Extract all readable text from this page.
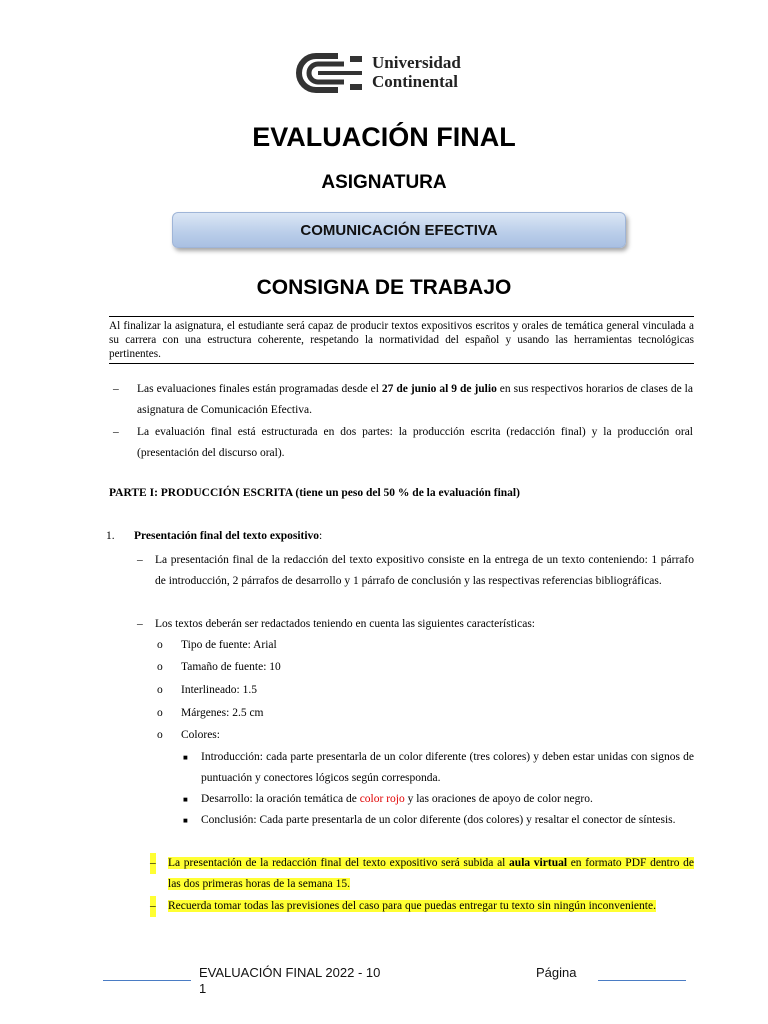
Universidad
Continental
EVALUACIÓN FINAL
ASIGNATURA
COMUNICACIÓN EFECTIVA
CONSIGNA DE TRABAJO
Al finalizar la asignatura, el estudiante será capaz de producir textos expositivos escritos y orales de temática general vinculada a su carrera con una estructura coherente, respetando la normatividad del español y usando las herramientas tecnológicas pertinentes.
– Las evaluaciones finales están programadas desde el 27 de junio al 9 de julio en sus respectivos horarios de clases de la asignatura de Comunicación Efectiva.
– La evaluación final está estructurada en dos partes: la producción escrita (redacción final) y la producción oral (presentación del discurso oral).
PARTE I: PRODUCCIÓN ESCRITA (tiene un peso del 50 % de la evaluación final)
1. Presentación final del texto expositivo:
– La presentación final de la redacción del texto expositivo consiste en la entrega de un texto conteniendo: 1 párrafo de introducción, 2 párrafos de desarrollo y 1 párrafo de conclusión y las respectivas referencias bibliográficas.
– Los textos deberán ser redactados teniendo en cuenta las siguientes características:
o Tipo de fuente: Arial
o Tamaño de fuente: 10
o Interlineado: 1.5
o Márgenes: 2.5 cm
o Colores:
■ Introducción: cada parte presentarla de un color diferente (tres colores) y deben estar unidas con signos de puntuación y conectores lógicos según corresponda.
■ Desarrollo: la oración temática de color rojo y las oraciones de apoyo de color negro.
■ Conclusión: Cada parte presentarla de un color diferente (dos colores) y resaltar el conector de síntesis.
– La presentación de la redacción final del texto expositivo será subida al aula virtual en formato PDF dentro de las dos primeras horas de la semana 15.
– Recuerda tomar todas las previsiones del caso para que puedas entregar tu texto sin ningún inconveniente.
EVALUACIÓN FINAL 2022 - 10
1
Página
